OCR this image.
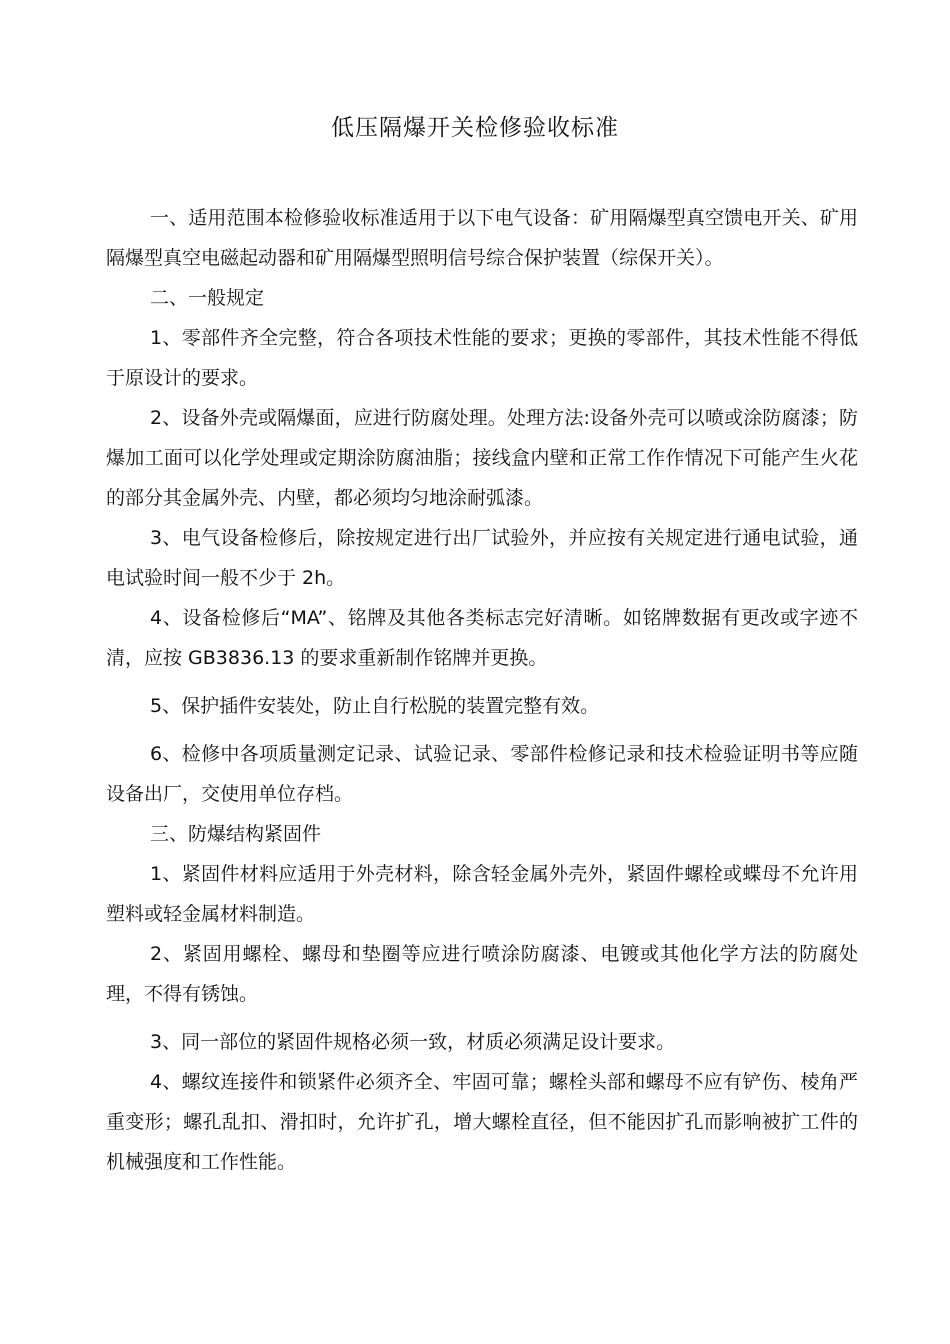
低压隔爆开关检修验收标准

一、适用范围本检修验收标准适用于以下电气设备：矿用隔爆型真空馈电开关、矿用隔爆型真空电磁起动器和矿用隔爆型照明信号综合保护装置（综保开关）。

二、一般规定

1、零部件齐全完整，符合各项技术性能的要求；更换的零部件，其技术性能不得低于原设计的要求。

2、设备外壳或隔爆面，应进行防腐处理。处理方法:设备外壳可以喷或涂防腐漆；防爆加工面可以化学处理或定期涂防腐油脂；接线盒内壁和正常工作作情况下可能产生火花的部分其金属外壳、内壁，都必须均匀地涂耐弧漆。

3、电气设备检修后，除按规定进行出厂试验外，并应按有关规定进行通电试验，通电试验时间一般不少于 2h。

4、设备检修后“MA”、铭牌及其他各类标志完好清晰。如铭牌数据有更改或字迹不清，应按 GB3836.13 的要求重新制作铭牌并更换。

5、保护插件安装处，防止自行松脱的装置完整有效。

6、检修中各项质量测定记录、试验记录、零部件检修记录和技术检验证明书等应随设备出厂，交使用单位存档。

三、防爆结构紧固件

1、紧固件材料应适用于外壳材料，除含轻金属外壳外，紧固件螺栓或蝶母不允许用塑料或轻金属材料制造。

2、紧固用螺栓、螺母和垫圈等应进行喷涂防腐漆、电镀或其他化学方法的防腐处理，不得有锈蚀。

3、同一部位的紧固件规格必须一致，材质必须满足设计要求。

4、螺纹连接件和锁紧件必须齐全、牢固可靠；螺栓头部和螺母不应有铲伤、棱角严重变形；螺孔乱扣、滑扣时，允许扩孔，增大螺栓直径，但不能因扩孔而影响被扩工件的机械强度和工作性能。
